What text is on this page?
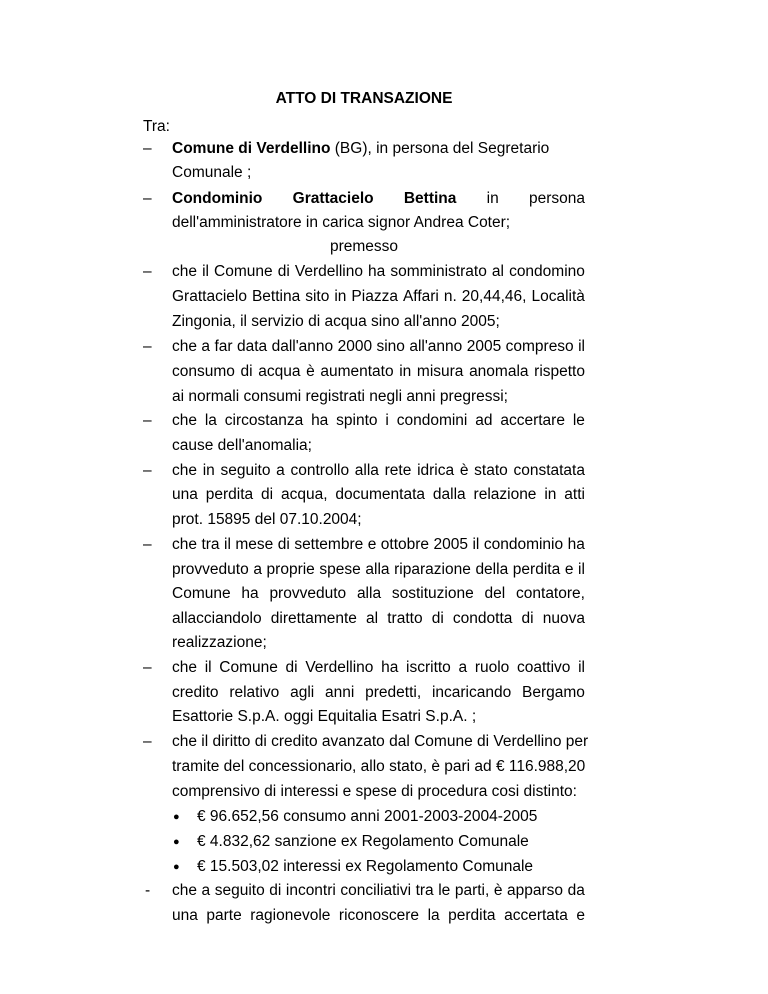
ATTO DI TRANSAZIONE
Tra:
– Comune di Verdellino (BG), in persona del Segretario
Comunale ;
– Condominio Grattacielo Bettina in persona
dell'amministratore in carica signor Andrea Coter;
premesso
– che il Comune di Verdellino ha somministrato al condomino
Grattacielo Bettina sito in Piazza Affari n. 20,44,46, Località
Zingonia, il servizio di acqua sino all'anno 2005;
– che a far data dall'anno 2000 sino all'anno 2005 compreso il
consumo di acqua è aumentato in misura anomala rispetto
ai normali consumi registrati negli anni pregressi;
– che la circostanza ha spinto i condomini ad accertare le
cause dell'anomalia;
– che in seguito a controllo alla rete idrica è stato constatata
una perdita di acqua, documentata dalla relazione in atti
prot. 15895 del 07.10.2004;
– che tra il mese di settembre e ottobre 2005 il condominio ha
provveduto a proprie spese alla riparazione della perdita e il
Comune ha provveduto alla sostituzione del contatore,
allacciandolo direttamente al tratto di condotta di nuova
realizzazione;
– che il Comune di Verdellino ha iscritto a ruolo coattivo il
credito relativo agli anni predetti, incaricando Bergamo
Esattorie S.p.A. oggi Equitalia Esatri S.p.A. ;
– che il diritto di credito avanzato dal Comune di Verdellino per
tramite del concessionario, allo stato, è pari ad € 116.988,20
comprensivo di interessi e spese di procedura cosi distinto:
● € 96.652,56 consumo anni 2001-2003-2004-2005
● € 4.832,62 sanzione ex Regolamento Comunale
● € 15.503,02 interessi ex Regolamento Comunale
- che a seguito di incontri conciliativi tra le parti, è apparso da
una parte ragionevole riconoscere la perdita accertata e
